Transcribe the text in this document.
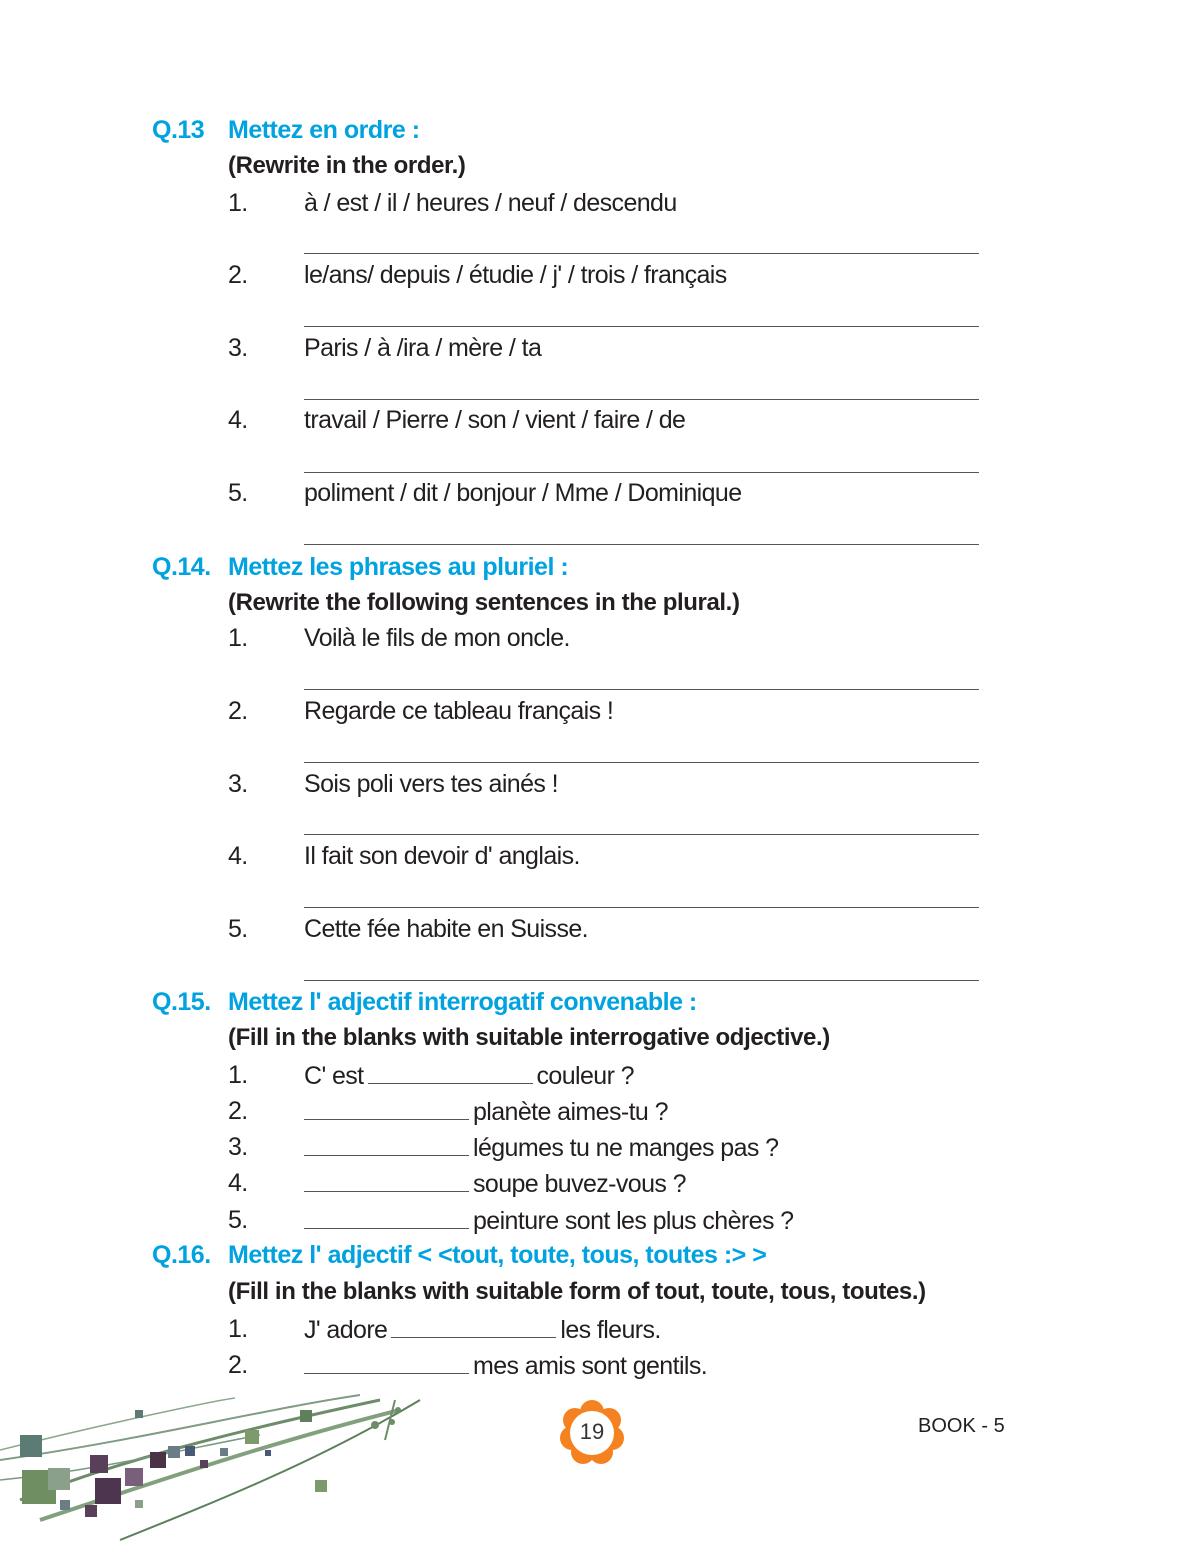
Q.13 Mettez en ordre :
(Rewrite in the order.)
1. à / est / il / heures / neuf / descendu
2. le/ans/ depuis / étudie / j' / trois / français
3. Paris / à /ira / mère / ta
4. travail / Pierre / son / vient / faire / de
5. poliment / dit / bonjour / Mme / Dominique
Q.14. Mettez les phrases au pluriel :
(Rewrite the following sentences in the plural.)
1. Voilà le fils de mon oncle.
2. Regarde ce tableau français !
3. Sois poli vers tes ainés !
4. Il fait son devoir d' anglais.
5. Cette fée habite en Suisse.
Q.15. Mettez l' adjectif interrogatif convenable :
(Fill in the blanks with suitable interrogative odjective.)
1. C' est	couleur ?
2.	planète aimes-tu ?
3.	légumes tu ne manges pas ?
4.	soupe buvez-vous ?
5.	peinture sont les plus chères ?
Q.16. Mettez l' adjectif < <tout, toute, tous, toutes :> >
(Fill in the blanks with suitable form of tout, toute, tous, toutes.)
1. J' adore	les fleurs.
2.	mes amis sont gentils.
19	BOOK - 5
